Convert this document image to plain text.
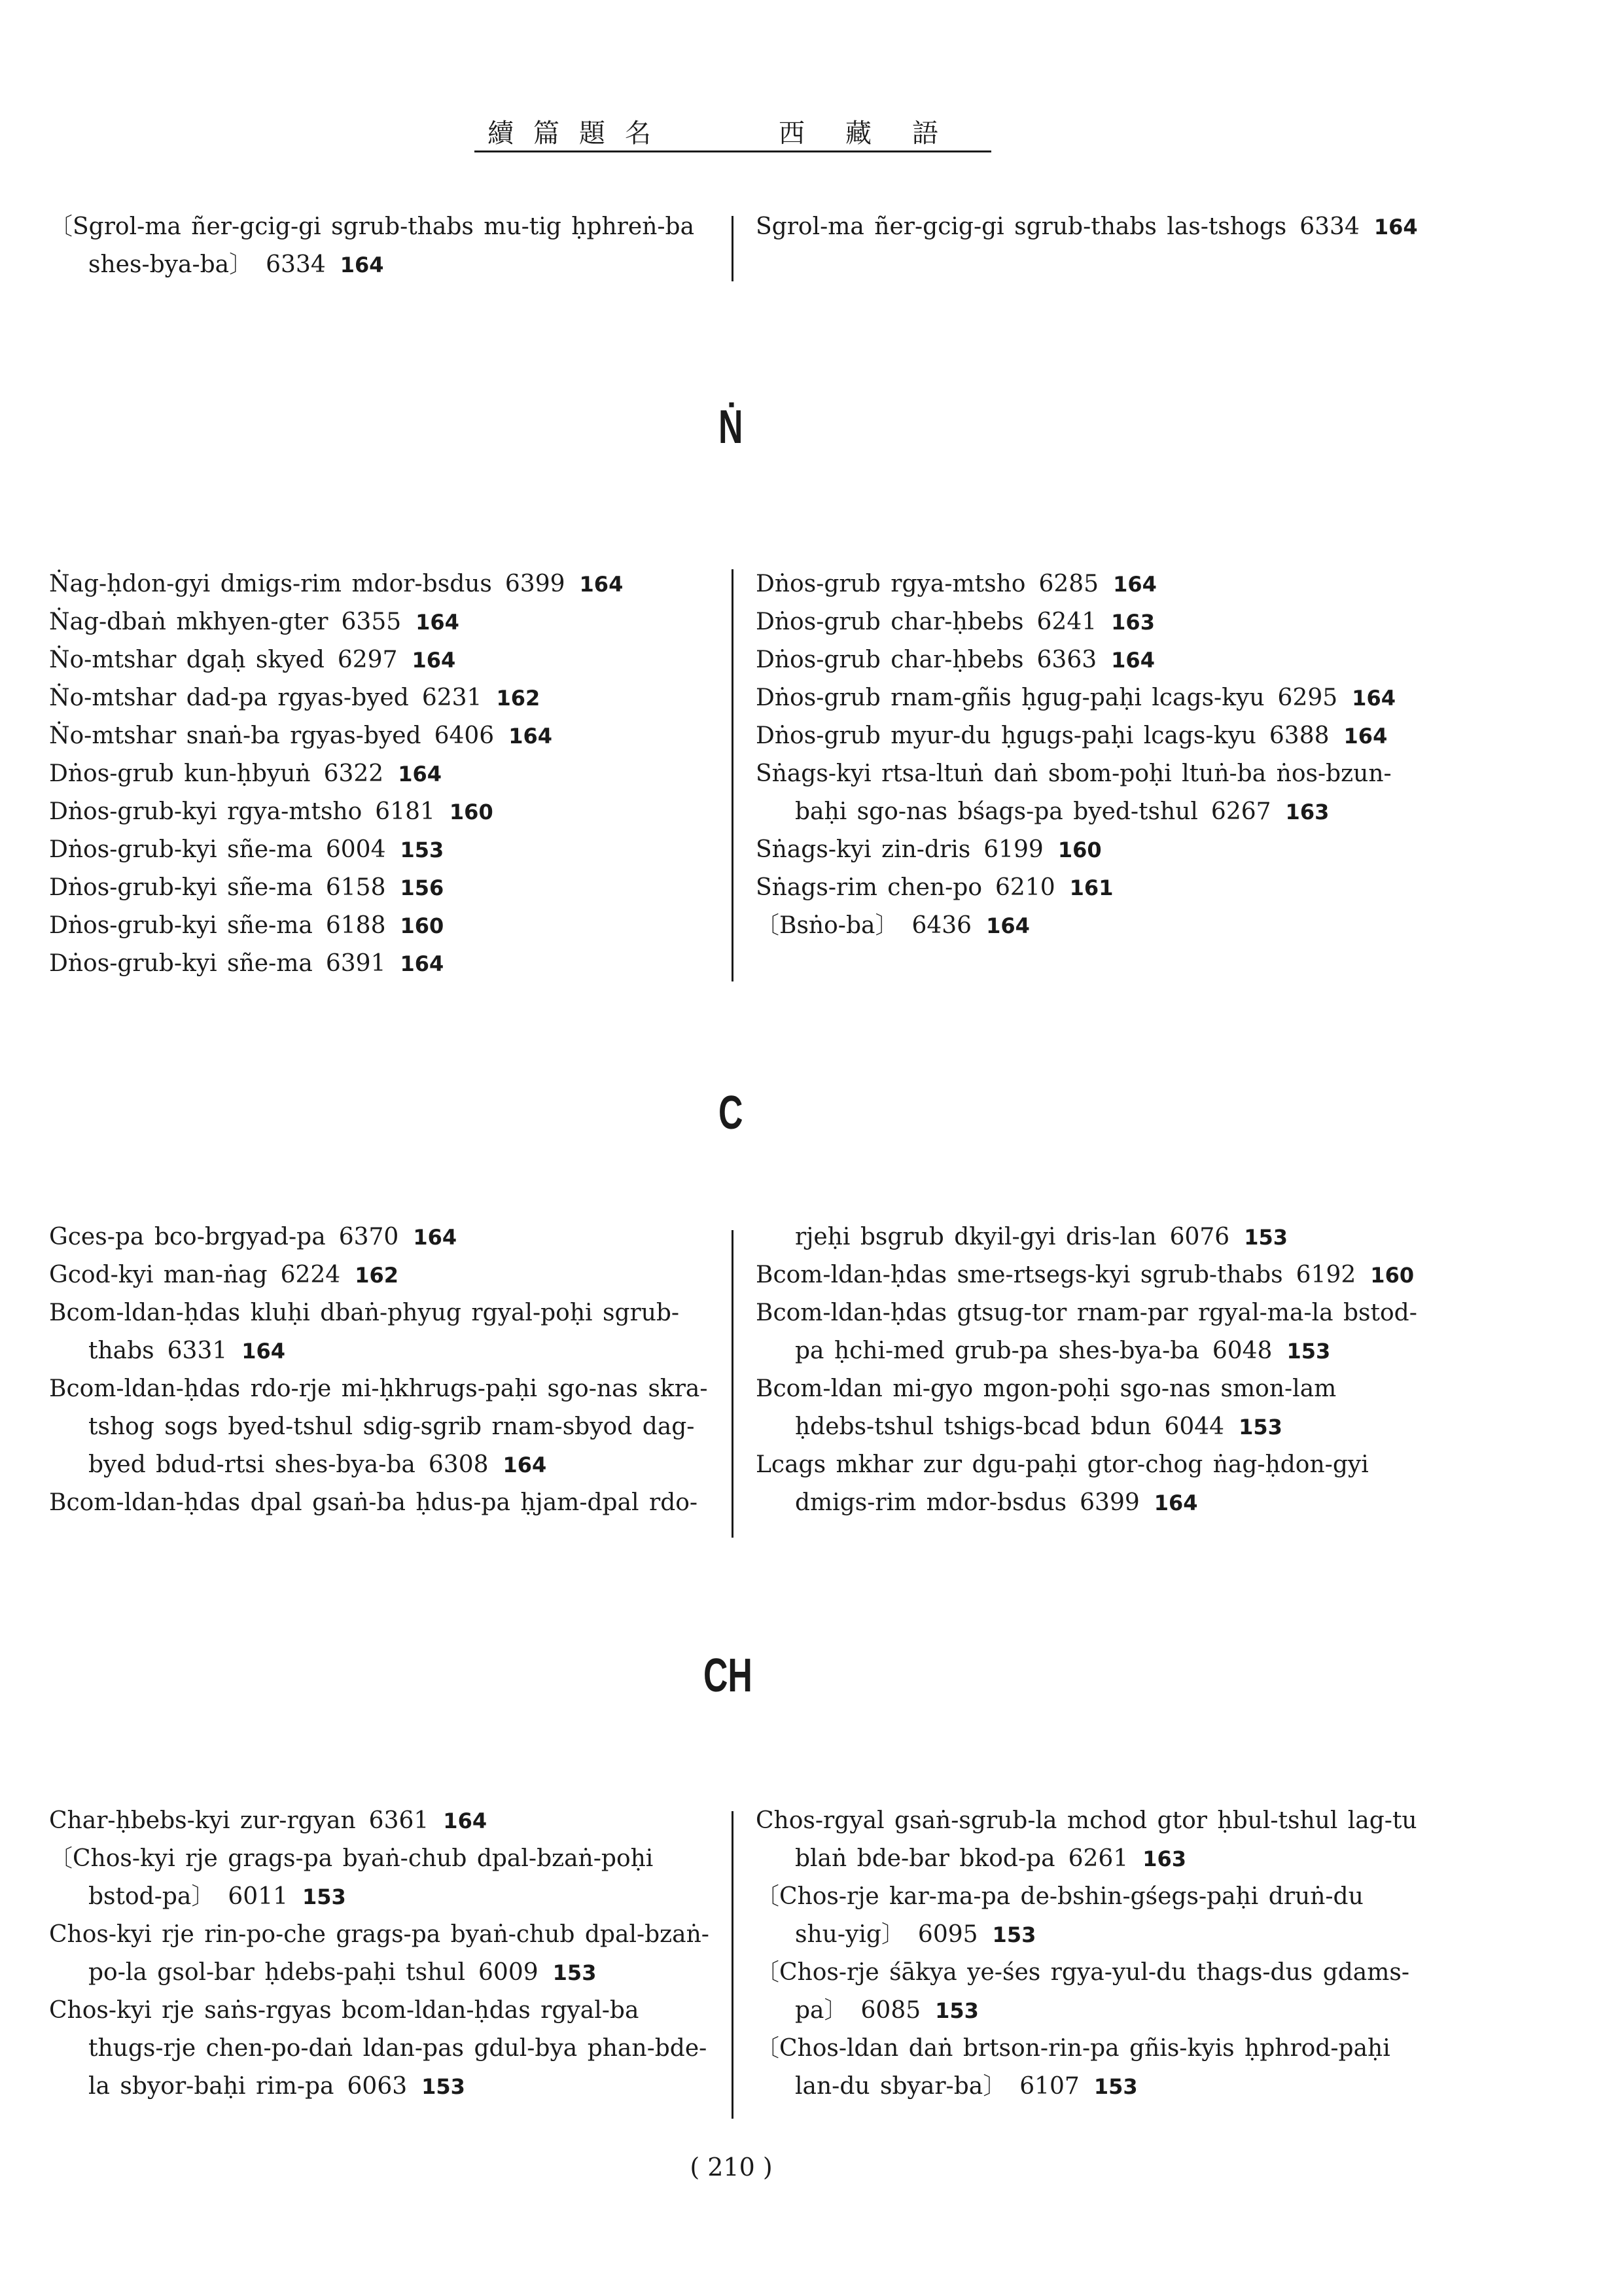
續篇題名	西藏語

〔Sgrol-ma ñer-gcig-gi sgrub-thabs mu-tig ḥphreṅ-ba shes-bya-ba〕 6334 164

Sgrol-ma ñer-gcig-gi sgrub-thabs las-tshogs 6334 164

Ṅ

Ṅag-ḥdon-gyi dmigs-rim mdor-bsdus 6399 164

Ṅag-dbaṅ mkhyen-gter 6355 164

Ṅo-mtshar dgaḥ skyed 6297 164

Ṅo-mtshar dad-pa rgyas-byed 6231 162

Ṅo-mtshar snaṅ-ba rgyas-byed 6406 164

Dṅos-grub kun-ḥbyuṅ 6322 164

Dṅos-grub-kyi rgya-mtsho 6181 160

Dṅos-grub-kyi sñe-ma 6004 153

Dṅos-grub-kyi sñe-ma 6158 156

Dṅos-grub-kyi sñe-ma 6188 160

Dṅos-grub-kyi sñe-ma 6391 164

Dṅos-grub rgya-mtsho 6285 164

Dṅos-grub char-ḥbebs 6241 163

Dṅos-grub char-ḥbebs 6363 164

Dṅos-grub rnam-gñis ḥgug-paḥi lcags-kyu 6295 164

Dṅos-grub myur-du ḥgugs-paḥi lcags-kyu 6388 164

Sṅags-kyi rtsa-ltuṅ daṅ sbom-poḥi ltuṅ-ba ṅos-bzun-baḥi sgo-nas bśags-pa byed-tshul 6267 163

Sṅags-kyi zin-dris 6199 160

Sṅags-rim chen-po 6210 161

〔Bsṅo-ba〕 6436 164

C

Gces-pa bco-brgyad-pa 6370 164

Gcod-kyi man-ṅag 6224 162

Bcom-ldan-ḥdas kluḥi dbaṅ-phyug rgyal-poḥi sgrub-thabs 6331 164

Bcom-ldan-ḥdas rdo-rje mi-ḥkhrugs-paḥi sgo-nas skra-tshog sogs byed-tshul sdig-sgrib rnam-sbyod dag-byed bdud-rtsi shes-bya-ba 6308 164

Bcom-ldan-ḥdas dpal gsaṅ-ba ḥdus-pa ḥjam-dpal rdo-

rjeḥi bsgrub dkyil-gyi dris-lan 6076 153

Bcom-ldan-ḥdas sme-rtsegs-kyi sgrub-thabs 6192 160

Bcom-ldan-ḥdas gtsug-tor rnam-par rgyal-ma-la bstod-pa ḥchi-med grub-pa shes-bya-ba 6048 153

Bcom-ldan mi-gyo mgon-poḥi sgo-nas smon-lam ḥdebs-tshul tshigs-bcad bdun 6044 153

Lcags mkhar zur dgu-paḥi gtor-chog ṅag-ḥdon-gyi dmigs-rim mdor-bsdus 6399 164

CH

Char-ḥbebs-kyi zur-rgyan 6361 164

〔Chos-kyi rje grags-pa byaṅ-chub dpal-bzaṅ-poḥi bstod-pa〕 6011 153

Chos-kyi rje rin-po-che grags-pa byaṅ-chub dpal-bzaṅ-po-la gsol-bar ḥdebs-paḥi tshul 6009 153

Chos-kyi rje saṅs-rgyas bcom-ldan-ḥdas rgyal-ba thugs-rje chen-po-daṅ ldan-pas gdul-bya phan-bde-la sbyor-baḥi rim-pa 6063 153

Chos-rgyal gsaṅ-sgrub-la mchod gtor ḥbul-tshul lag-tu blaṅ bde-bar bkod-pa 6261 163

〔Chos-rje kar-ma-pa de-bshin-gśegs-paḥi druṅ-du shu-yig〕 6095 153

〔Chos-rje śākya ye-śes rgya-yul-du thags-dus gdams-pa〕 6085 153

〔Chos-ldan daṅ brtson-rin-pa gñis-kyis ḥphrod-paḥi lan-du sbyar-ba〕 6107 153

( 210 )
